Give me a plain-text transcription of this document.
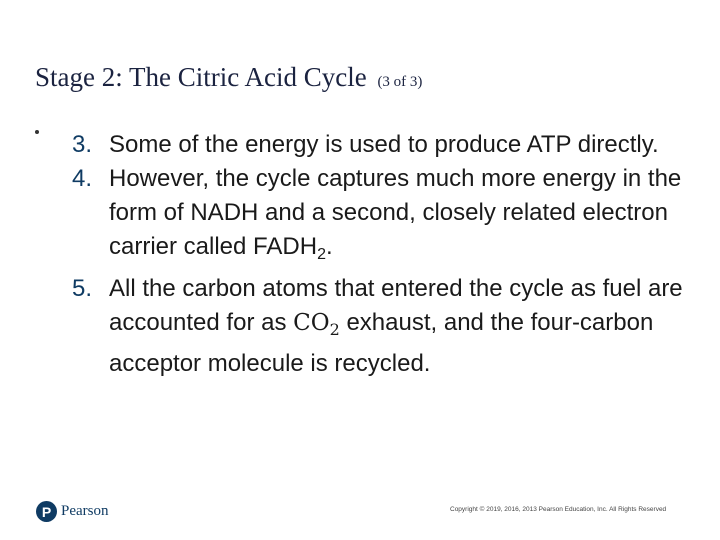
Stage 2: The Citric Acid Cycle (3 of 3)
3. Some of the energy is used to produce ATP directly.
4. However, the cycle captures much more energy in the form of NADH and a second, closely related electron carrier called $FADH_2$.
5. All the carbon atoms that entered the cycle as fuel are accounted for as $CO_2$ exhaust, and the four-carbon acceptor molecule is recycled.
P Pearson	Copyright © 2019, 2016, 2013 Pearson Education, Inc. All Rights Reserved
